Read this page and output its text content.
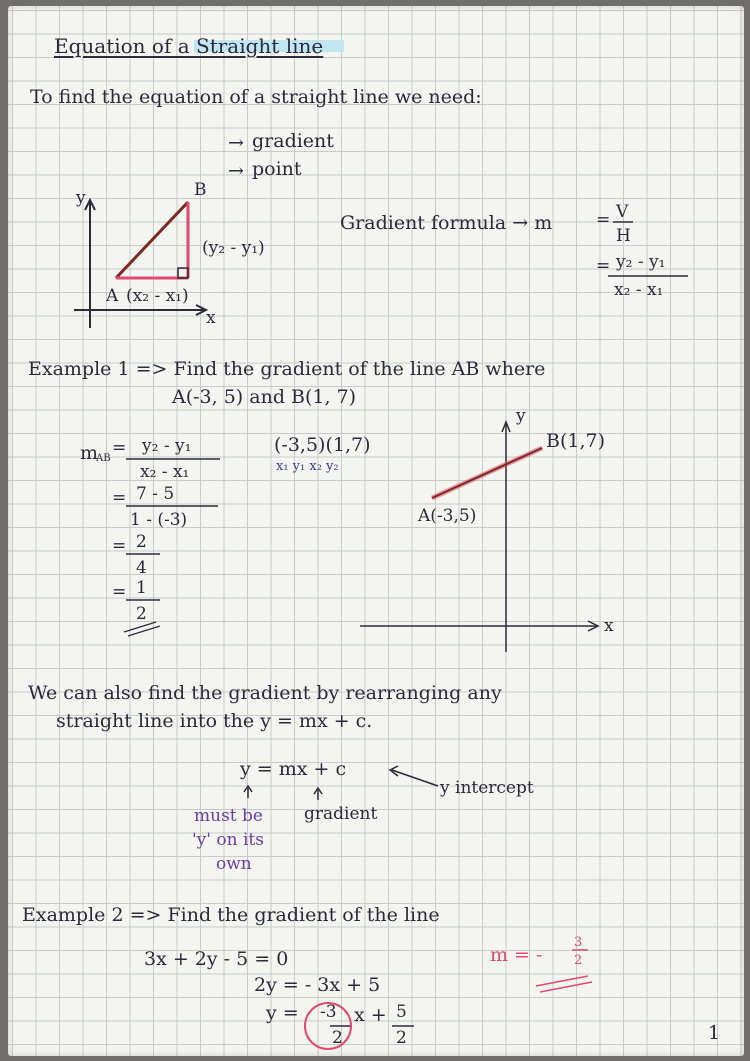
Equation of a Straight line
To find the equation of a straight line we need:
→ gradient
→ point
y	B
(y₂ - y₁)
A (x₂ - x₁)
x
Gradient formula → m	= V
H
= y₂ - y₁
x₂ - x₁
Example 1 => Find the gradient of the line AB where
A(-3, 5) and B(1, 7)
m
AB
= y₂ - y₁
x₂ - x₁
= 7 - 5
1 - (-3)
= 2
4
= 1
2
(-3,5)(1,7)
x₁ y₁ x₂ y₂
y
x
B(1,7)
A(-3,5)
We can also find the gradient by rearranging any
straight line into the y = mx + c.
y = mx + c
y intercept
gradient
must be
'y' on its
own
Example 2 => Find the gradient of the line
3x + 2y - 5 = 0
2y = - 3x + 5
y = -3
2
x + 5
2
m = -
3
2
1
